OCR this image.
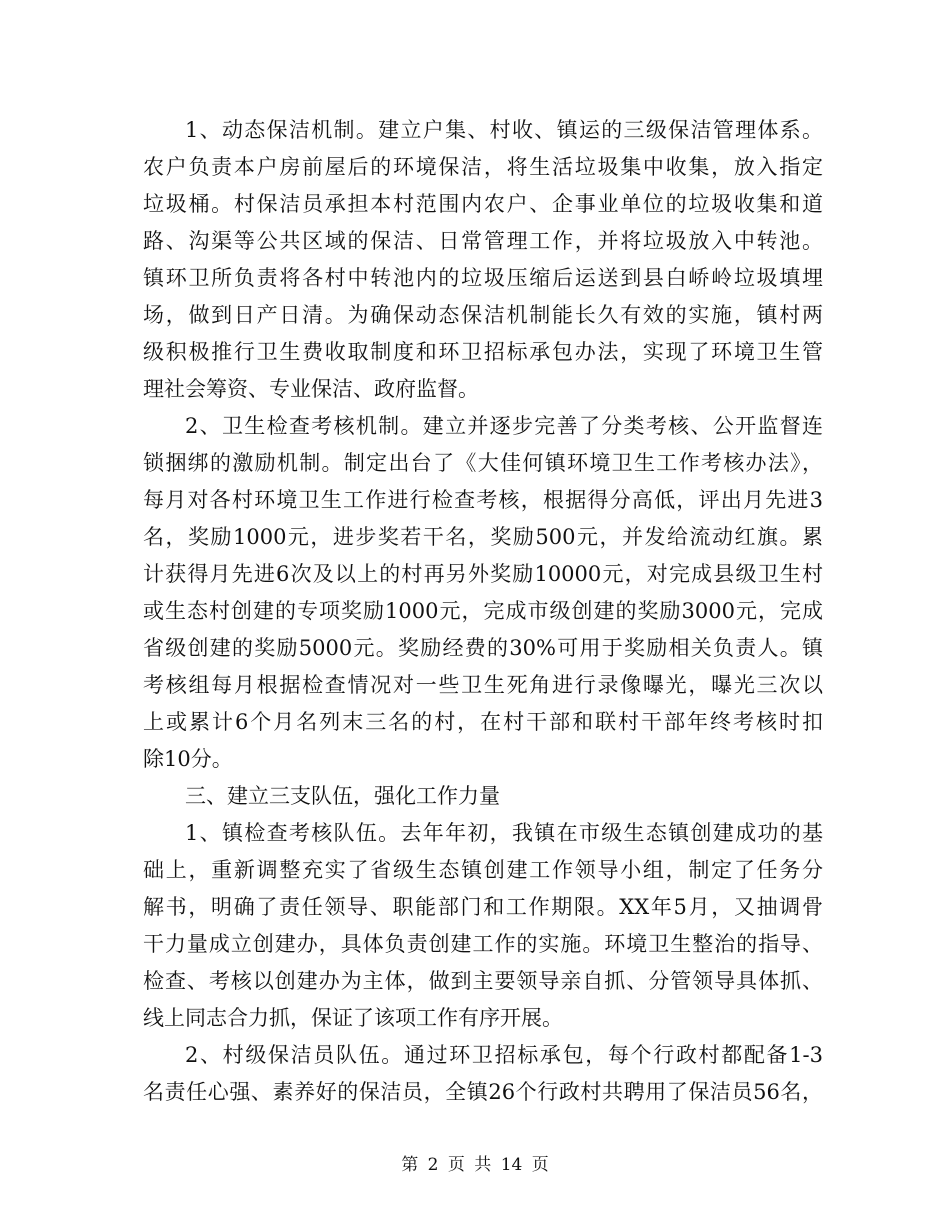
1、动态保洁机制。建立户集、村收、镇运的三级保洁管理体系。
农户负责本户房前屋后的环境保洁，将生活垃圾集中收集，放入指定
垃圾桶。村保洁员承担本村范围内农户、企事业单位的垃圾收集和道
路、沟渠等公共区域的保洁、日常管理工作，并将垃圾放入中转池。
镇环卫所负责将各村中转池内的垃圾压缩后运送到县白峤岭垃圾填埋
场，做到日产日清。为确保动态保洁机制能长久有效的实施，镇村两
级积极推行卫生费收取制度和环卫招标承包办法，实现了环境卫生管
理社会筹资、专业保洁、政府监督。
2、卫生检查考核机制。建立并逐步完善了分类考核、公开监督连
锁捆绑的激励机制。制定出台了《大佳何镇环境卫生工作考核办法》，
每月对各村环境卫生工作进行检查考核，根据得分高低，评出月先进3
名，奖励1000元，进步奖若干名，奖励500元，并发给流动红旗。累
计获得月先进6次及以上的村再另外奖励10000元，对完成县级卫生村
或生态村创建的专项奖励1000元，完成市级创建的奖励3000元，完成
省级创建的奖励5000元。奖励经费的30%可用于奖励相关负责人。镇
考核组每月根据检查情况对一些卫生死角进行录像曝光，曝光三次以
上或累计6个月名列末三名的村，在村干部和联村干部年终考核时扣
除10分。
三、建立三支队伍，强化工作力量
1、镇检查考核队伍。去年年初，我镇在市级生态镇创建成功的基
础上，重新调整充实了省级生态镇创建工作领导小组，制定了任务分
解书，明确了责任领导、职能部门和工作期限。XX年5月，又抽调骨
干力量成立创建办，具体负责创建工作的实施。环境卫生整治的指导、
检查、考核以创建办为主体，做到主要领导亲自抓、分管领导具体抓、
线上同志合力抓，保证了该项工作有序开展。
2、村级保洁员队伍。通过环卫招标承包，每个行政村都配备1-3
名责任心强、素养好的保洁员，全镇26个行政村共聘用了保洁员56名，
第 2 页 共 14 页
